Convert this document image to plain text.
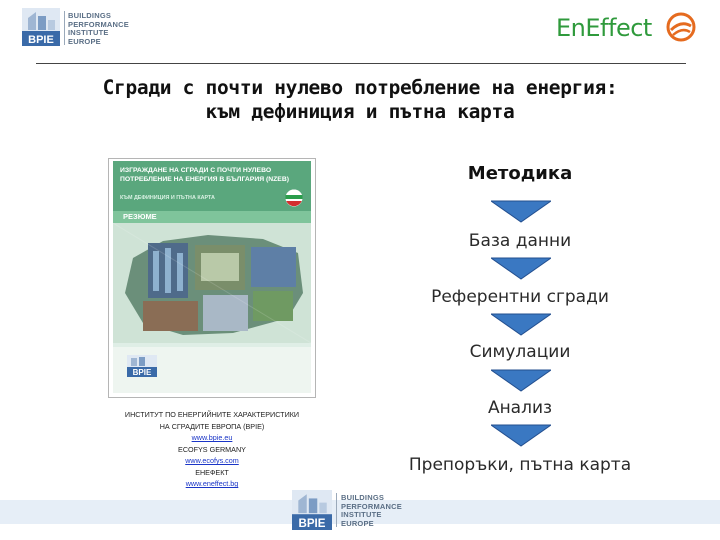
BPIE
BUILDINGS
PERFORMANCE
INSTITUTE
EUROPE	EnEffect
Сгради с почти нулево потребление на енергия:
към дефиниция и пътна карта
ИЗГРАЖДАНЕ НА СГРАДИ С ПОЧТИ НУЛЕВО ПОТРЕБЛЕНИЕ НА ЕНЕРГИЯ В БЪЛГАРИЯ (NZEB)
КЪМ ДЕФИНИЦИЯ И ПЪТНА КАРТА
РЕЗЮМЕ
BPIE
ИНСТИТУТ ПО ЕНЕРГИЙНИТЕ ХАРАКТЕРИСТИКИ
НА СГРАДИТЕ ЕВРОПА (BPIE)
www.bpie.eu
ECOFYS GERMANY
www.ecofys.com
ЕНЕФЕКТ
www.eneffect.bg
Методика
База данни
Референтни сгради
Симулации
Анализ
Препоръки, пътна карта
BPIE
BUILDINGS
PERFORMANCE
INSTITUTE
EUROPE
